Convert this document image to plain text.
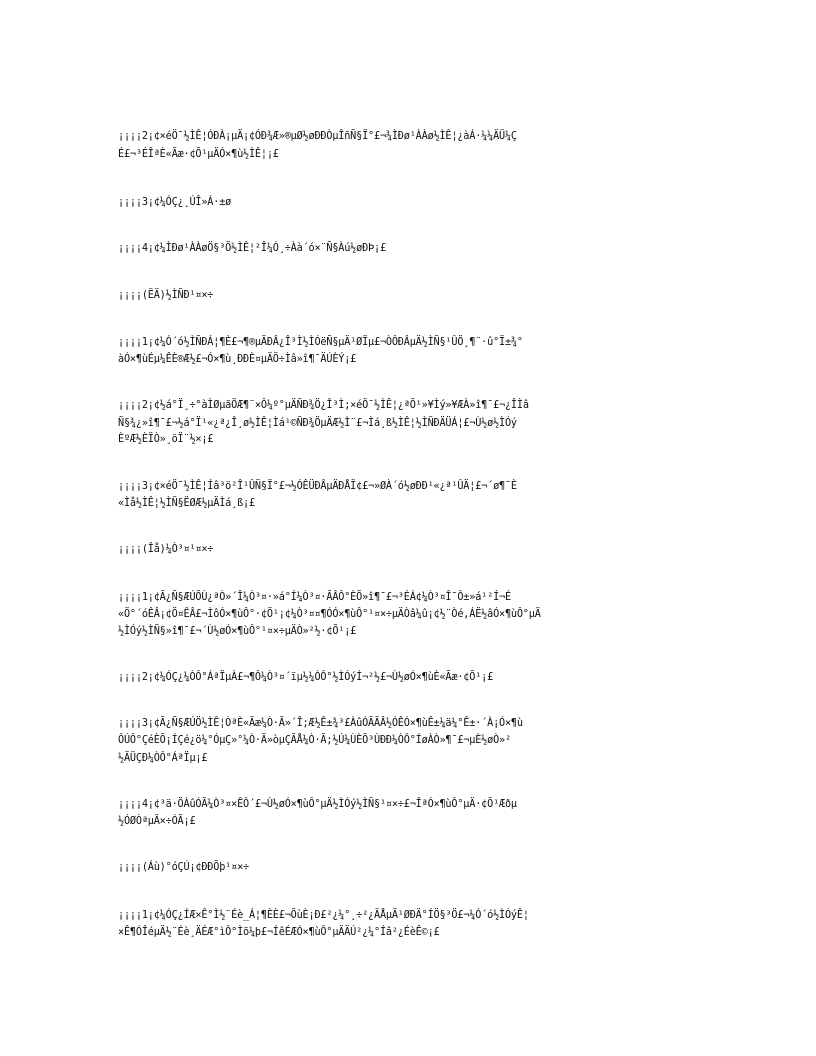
¡¡¡¡2¡¢×éÖ¯½ÌÊ¦ÓÐÀ¡µÄ¡¢ÓÐ¾Æ»®µØ½øÐÐÒµÎñÑ§Ï°£¬¾ÌÐø¹ÀÀø½ÌÊ¦¿àÁ·¼¼ÄÜ¼Ç
É£¬³ÉÎªÈ«Ãæ·¢Õ¹µÄÓ×¶ù½ÌÊ¦¡£
¡¡¡¡3¡¢¼ÓÇ¿¸ÚÎ»Á·±ø
¡¡¡¡4¡¢¼ÌÐø¹ÀÀøÖ§³Ö½ÌÊ¦²Î¼Ó¸÷Àà´ó×¨Ñ§Àú½øÐÞ¡£
¡¡¡¡(ËÄ)½ÌÑÐ¹¤×÷
¡¡¡¡1¡¢¼Ó´ó½ÌÑÐÁ¦¶È£¬¶®µÃÐÂ¿Î³Ì½ÌÓëÑ§µÄ¹ØÏµ£¬ÒÔÐÂµÄ½ÌÑ§¹ÛÖ¸¶¨·û°Ï±¾°
àÓ×¶ùÉµ¼ÊÈ®Æ½£¬Ó×¶ù¸ÐÐÈ¤µÄÖ÷Ìâ»î¶¯ÄÚÈÝ¡£
¡¡¡¡2¡¢½á°Ï¸÷°àÌØµãÖÆ¶¨×Ô¼º°µÄÑÐ¾Ö¿Î³Ì;×éÖ¯½ÌÊ¦¿ªÕ¹»¥Ìý»¥ÆÀ»î¶¯£¬¿ÎÌâ
Ñ§¾¿»î¶¯£¬½á°Ï¹«¿ª¿Î¸ø½ÌÊ¦Ìá¹©ÑÐ¾ÖµÄÆ½Ì¨£¬Ìá¸ß½ÌÊ¦½ÌÑÐÄÜÁ¦£¬Ù½ø½ÌÓý
ÈºÆ½ÈÏÒ»¸öÏ¨½×¡£
¡¡¡¡3¡¢×éÖ¯½ÌÊ¦Íâ³ö²Î¹ÛÑ§Ï°£¬½ÓÊÜÐÂµÄÐÅÏ¢£¬»ØÀ´ó½øÐÐ¹«¿ª¹ÛÄ¦£¬´ø¶¯È
«Ìå½ÌÊ¦½ÌÑ§ËØÆ½µÄÌá¸ß¡£
¡¡¡¡(Îå)¼Ò³¤¹¤×÷
¡¡¡¡1¡¢Ã¿Ñ§ÆÚÕÙ¿ªÒ»´Î¼Ò³¤·»á°Í¼Ò³¤·ÃÂÔ°ÈÕ»î¶¯£¬³ÉÁ¢¼Ò³¤Î¯Ô±»á¹²Í¬É
«Ö°´óÊÂ¡¢Ö¤ÊÂ£¬ÌôÓ×¶ùÔ°·¢Õ¹¡¢¼Ò³¤¤¶ÓÓ×¶ùÔ°¹¤×÷µÄÒâ¼û¡¢½¨Òé,ÁË½âÓ×¶ùÔ°µÄ
½ÌÓý½ÌÑ§»î¶¯£¬´Ù½øÓ×¶ùÔ°¹¤×÷µÄÒ»²½·¢Õ¹¡£
¡¡¡¡2¡¢¼ÓÇ¿¼ÒÔ°ÁªÏµÀ£¬¶Ô¼Ò³¤´ïµ½¼ÒÔ°½ÌÓýÍ¬²½£¬Ù½øÓ×¶ùÈ«Ãæ·¢Õ¹¡£
¡¡¡¡3¡¢Ã¿Ñ§ÆÚÖ½ÌÊ¦ÒªÈ«Ãæ¼Ò·Ã»´Î;Æ½Ê±¾³£ÀûÓÃÃÂ½ÓÊÓ×¶ùÊ±¼ä¼°Ê±·´À¡Ó×¶ù
ÔÚÔ°ÇéÈÕ¡ÍÇé¿ö¼°ÓµÇ»°¼Ò·Ã»òµÇÃÅ¼Ò·Ã;½Ú¼ÙÈÕ³ÙÐÐ¼ÒÔ°ÍøÀÒ»¶¯£¬µÈ½øÒ»²
½ÃÜÇÐ¼ÒÔ°ÁªÏµ¡£
¡¡¡¡4¡¢³ä·ÖÀûÓÃ¼Ò³¤×ÊÔ´£¬Ù½øÓ×¶ùÔ°µÄ½ÌÓý½ÌÑ§¹¤×÷£¬ÎªÓ×¶ùÔ°µÄ·¢Õ¹Æðµ
½ÓØÒªµÄ×÷ÓÃ¡£
¡¡¡¡(Áù)°óÇÚ¡¢ÐÐÕþ¹¤×÷
¡¡¡¡1¡¢¼ÓÇ¿ÍÆ×Ê°Ì½¨Éè_Á¦¶ÈÈ£¬ÕùÈ¡Ð£²¿¼°¸÷²¿ÃÅµÄ¹ØÐÄ°ÍÖ§³Ö£¬¼Ó´ó½ÌÓýÊ¦
×Ê¶ÓÎéµÄ½¨Éè¸ÄÉÆ°ìÔ°Ìõ¼þ£¬ÍêÉÆÓ×¶ùÔ°µÄÄÚ²¿¼°Íâ²¿ÉèÊ©¡£
